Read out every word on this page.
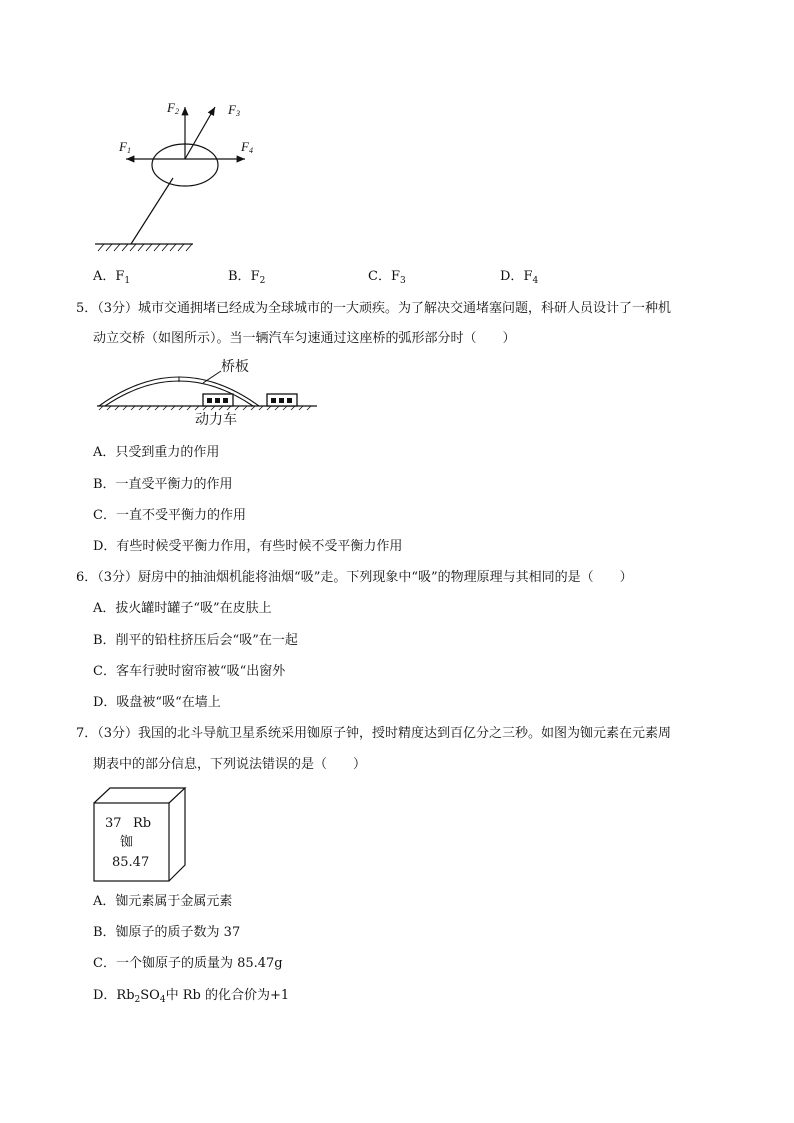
F2	F3
F1	F4
A．$F_1$	B．$F_2$	C．$F_3$	D．$F_4$
5．（3分）城市交通拥堵已经成为全球城市的一大顽疾。为了解决交通堵塞问题，科研人员设计了一种机
动立交桥（如图所示）。当一辆汽车匀速通过这座桥的弧形部分时（　　）
桥板
动力车
A．只受到重力的作用
B．一直受平衡力的作用
C．一直不受平衡力的作用
D．有些时候受平衡力作用，有些时候不受平衡力作用
6．（3分）厨房中的抽油烟机能将油烟“吸”走。下列现象中“吸”的物理原理与其相同的是（　　）
A．拔火罐时罐子“吸”在皮肤上
B．削平的铅柱挤压后会“吸”在一起
C．客车行驶时窗帘被“吸“出窗外
D．吸盘被“吸“在墙上
7．（3分）我国的北斗导航卫星系统采用铷原子钟，授时精度达到百亿分之三秒。如图为铷元素在元素周
期表中的部分信息，下列说法错误的是（　　）
37 Rb
铷
85.47
A．铷元素属于金属元素
B．铷原子的质子数为 37
C．一个铷原子的质量为 85.47g
D．$Rb_2SO_4$中 Rb 的化合价为+1
